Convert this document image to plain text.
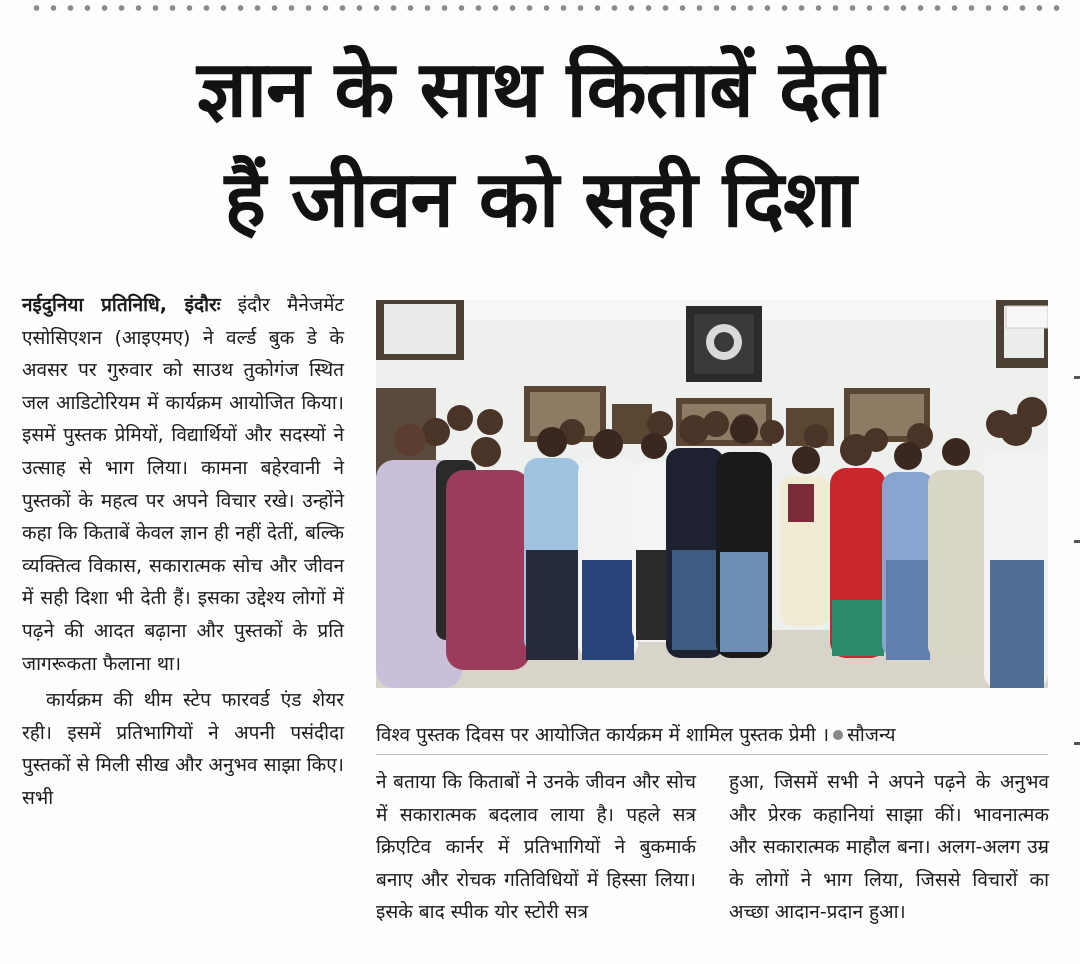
ज्ञान के साथ किताबें देती
हैं जीवन को सही दिशा

नईदुनिया प्रतिनिधि, इंदौरः इंदौर मैनेजमेंट एसोसिएशन (आइएमए) ने वर्ल्ड बुक डे के अवसर पर गुरुवार को साउथ तुकोगंज स्थित जल आडिटोरियम में कार्यक्रम आयोजित किया। इसमें पुस्तक प्रेमियों, विद्यार्थियों और सदस्यों ने उत्साह से भाग लिया। कामना बहेरवानी ने पुस्तकों के महत्व पर अपने विचार रखे। उन्होंने कहा कि किताबें केवल ज्ञान ही नहीं देतीं, बल्कि व्यक्तित्व विकास, सकारात्मक सोच और जीवन में सही दिशा भी देती हैं। इसका उद्देश्य लोगों में पढ़ने की आदत बढ़ाना और पुस्तकों के प्रति जागरूकता फैलाना था।

कार्यक्रम की थीम स्टेप फारवर्ड एंड शेयर रही। इसमें प्रतिभागियों ने अपनी पसंदीदा पुस्तकों से मिली सीख और अनुभव साझा किए। सभी

विश्व पुस्तक दिवस पर आयोजित कार्यक्रम में शामिल पुस्तक प्रेमी । सौजन्य

ने बताया कि किताबों ने उनके जीवन और सोच में सकारात्मक बदलाव लाया है। पहले सत्र क्रिएटिव कार्नर में प्रतिभागियों ने बुकमार्क बनाए और रोचक गतिविधियों में हिस्सा लिया। इसके बाद स्पीक योर स्टोरी सत्र

हुआ, जिसमें सभी ने अपने पढ़ने के अनुभव और प्रेरक कहानियां साझा कीं। भावनात्मक और सकारात्मक माहौल बना। अलग-अलग उम्र के लोगों ने भाग लिया, जिससे विचारों का अच्छा आदान-प्रदान हुआ।
